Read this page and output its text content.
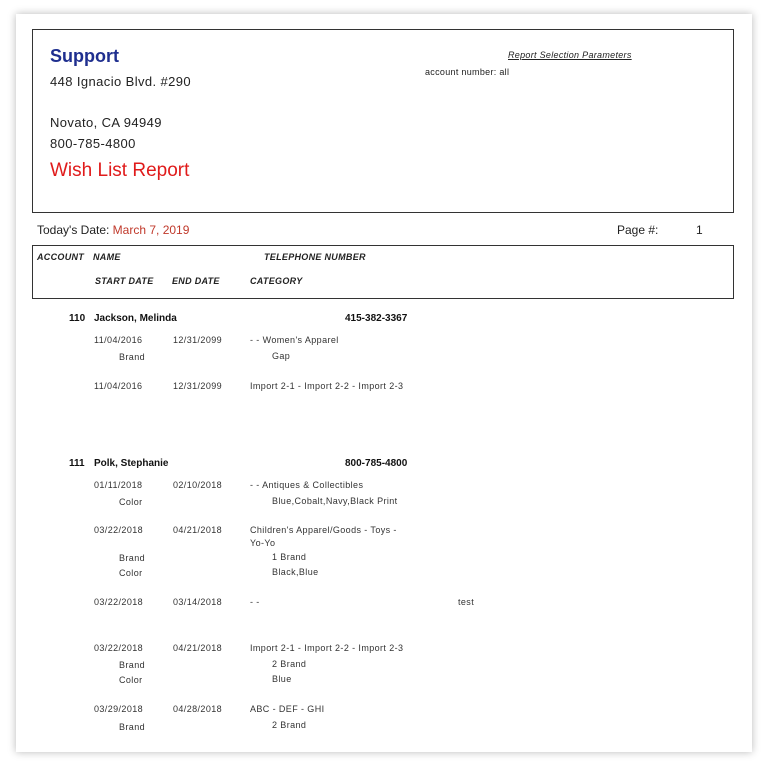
Support
448 Ignacio Blvd. #290
Novato, CA 94949
800-785-4800
Wish List Report
Report Selection Parameters
account number: all
Today's Date: March 7, 2019	Page #:	1
ACCOUNT NAME	TELEPHONE NUMBER
START DATE END DATE	CATEGORY
110 Jackson, Melinda	415-382-3367
11/04/2016	12/31/2099	- - Women's Apparel
Brand	Gap
11/04/2016	12/31/2099	Import 2-1 - Import 2-2 - Import 2-3
111 Polk, Stephanie	800-785-4800
01/11/2018	02/10/2018	- - Antiques & Collectibles
Color	Blue,Cobalt,Navy,Black Print
03/22/2018	04/21/2018	Children's Apparel/Goods - Toys -
Yo-Yo
Brand	1 Brand
Color	Black,Blue
03/22/2018	03/14/2018	- -	test
03/22/2018	04/21/2018	Import 2-1 - Import 2-2 - Import 2-3
Brand	2 Brand
Color	Blue
03/29/2018	04/28/2018	ABC - DEF - GHI
Brand	2 Brand
